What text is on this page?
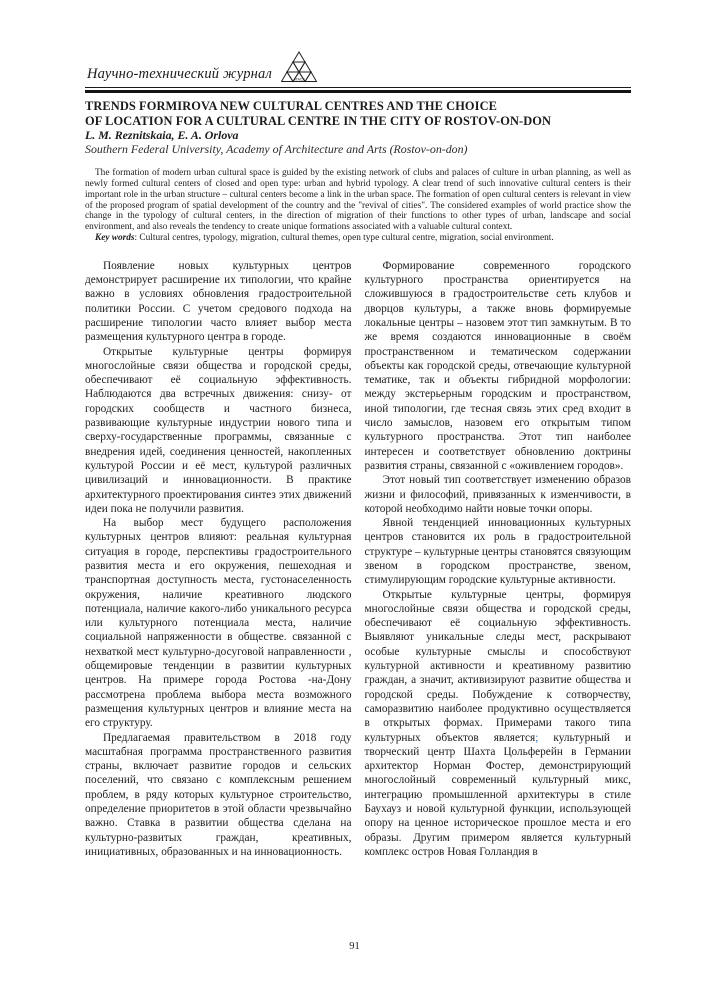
Научно-технический журнал	АГАСУ
TRENDS FORMIROVA NEW CULTURAL CENTRES AND THE CHOICE
OF LOCATION FOR A CULTURAL CENTRE IN THE CITY OF ROSTOV-ON-DON
L. M. Reznitskaia, E. A. Orlova
Southern Federal University, Academy of Architecture and Arts (Rostov-on-don)

The formation of modern urban cultural space is guided by the existing network of clubs and palaces of culture in urban planning, as well as newly formed cultural centers of closed and open type: urban and hybrid typology. A clear trend of such innovative cultural centers is their important role in the urban structure – cultural centers become a link in the urban space. The formation of open cultural centers is relevant in view of the proposed program of spatial development of the country and the "revival of cities". The considered examples of world practice show the change in the typology of cultural centers, in the direction of migration of their functions to other types of urban, landscape and social environment, and also reveals the tendency to create unique formations associated with a valuable cultural context.

Key words: Cultural centres, typology, migration, cultural themes, open type cultural centre, migration, social environment.

Появление новых культурных центров демонстрирует расширение их типологии, что крайне важно в условиях обновления градостроительной политики России. С учетом средового подхода на расширение типологии часто влияет выбор места размещения культурного центра в городе.

Открытые культурные центры формируя многослойные связи общества и городской среды, обеспечивают её социальную эффективность. Наблюдаются два встречных движения: снизу- от городских сообществ и частного бизнеса, развивающие культурные индустрии нового типа и сверху-государственные программы, связанные с внедрения идей, соединения ценностей, накопленных культурой России и её мест, культурой различных цивилизаций и инновационности. В практике архитектурного проектирования синтез этих движений идеи пока не получили развития.

На выбор мест будущего расположения культурных центров влияют: реальная культурная ситуация в городе, перспективы градостроительного развития места и его окружения, пешеходная и транспортная доступность места, густонаселенность окружения, наличие креативного людского потенциала, наличие какого-либо уникального ресурса или культурного потенциала места, наличие социальной напряженности в обществе. связанной с нехваткой мест культурно-досуговой направленности , общемировые тенденции в развитии культурных центров. На примере города Ростова -на-Дону рассмотрена проблема выбора места возможного размещения культурных центров и влияние места на его структуру.

Предлагаемая правительством в 2018 году масштабная программа пространственного развития страны, включает развитие городов и сельских поселений, что связано с комплексным решением проблем, в ряду которых культурное строительство, определение приоритетов в этой области чрезвычайно важно. Ставка в развитии общества сделана на культурно-развитых граждан, креативных, инициативных, образованных и на инновационность.

Формирование современного городского культурного пространства ориентируется на сложившуюся в градостроительстве сеть клубов и дворцов культуры, а также вновь формируемые локальные центры – назовем этот тип замкнутым. В то же время создаются инновационные в своём пространственном и тематическом содержании объекты как городской среды, отвечающие культурной тематике, так и объекты гибридной морфологии: между экстерьерным городским и пространством, иной типологии, где тесная связь этих сред входит в число замыслов, назовем его открытым типом культурного пространства. Этот тип наиболее интересен и соответствует обновлению доктрины развития страны, связанной с «оживлением городов».

Этот новый тип соответствует изменению образов жизни и философий, привязанных к изменчивости, в которой необходимо найти новые точки опоры.

Явной тенденцией инновационных культурных центров становится их роль в градостроительной структуре – культурные центры становятся связующим звеном в городском пространстве, звеном, стимулирующим городские культурные активности.

Открытые культурные центры, формируя многослойные связи общества и городской среды, обеспечивают её социальную эффективность. Выявляют уникальные следы мест, раскрывают особые культурные смыслы и способствуют культурной активности и креативному развитию граждан, а значит, активизируют развитие общества и городской среды. Побуждение к сотворчеству, саморазвитию наиболее продуктивно осуществляется в открытых формах. Примерами такого типа культурных объектов является; культурный и творческий центр Шахта Цольферейн в Германии архитектор Норман Фостер, демонстрирующий многослойный современный культурный микс, интеграцию промышленной архитектуры в стиле Баухауз и новой культурной функции, использующей опору на ценное историческое прошлое места и его образы. Другим примером является культурный комплекс остров Новая Голландия в

91
